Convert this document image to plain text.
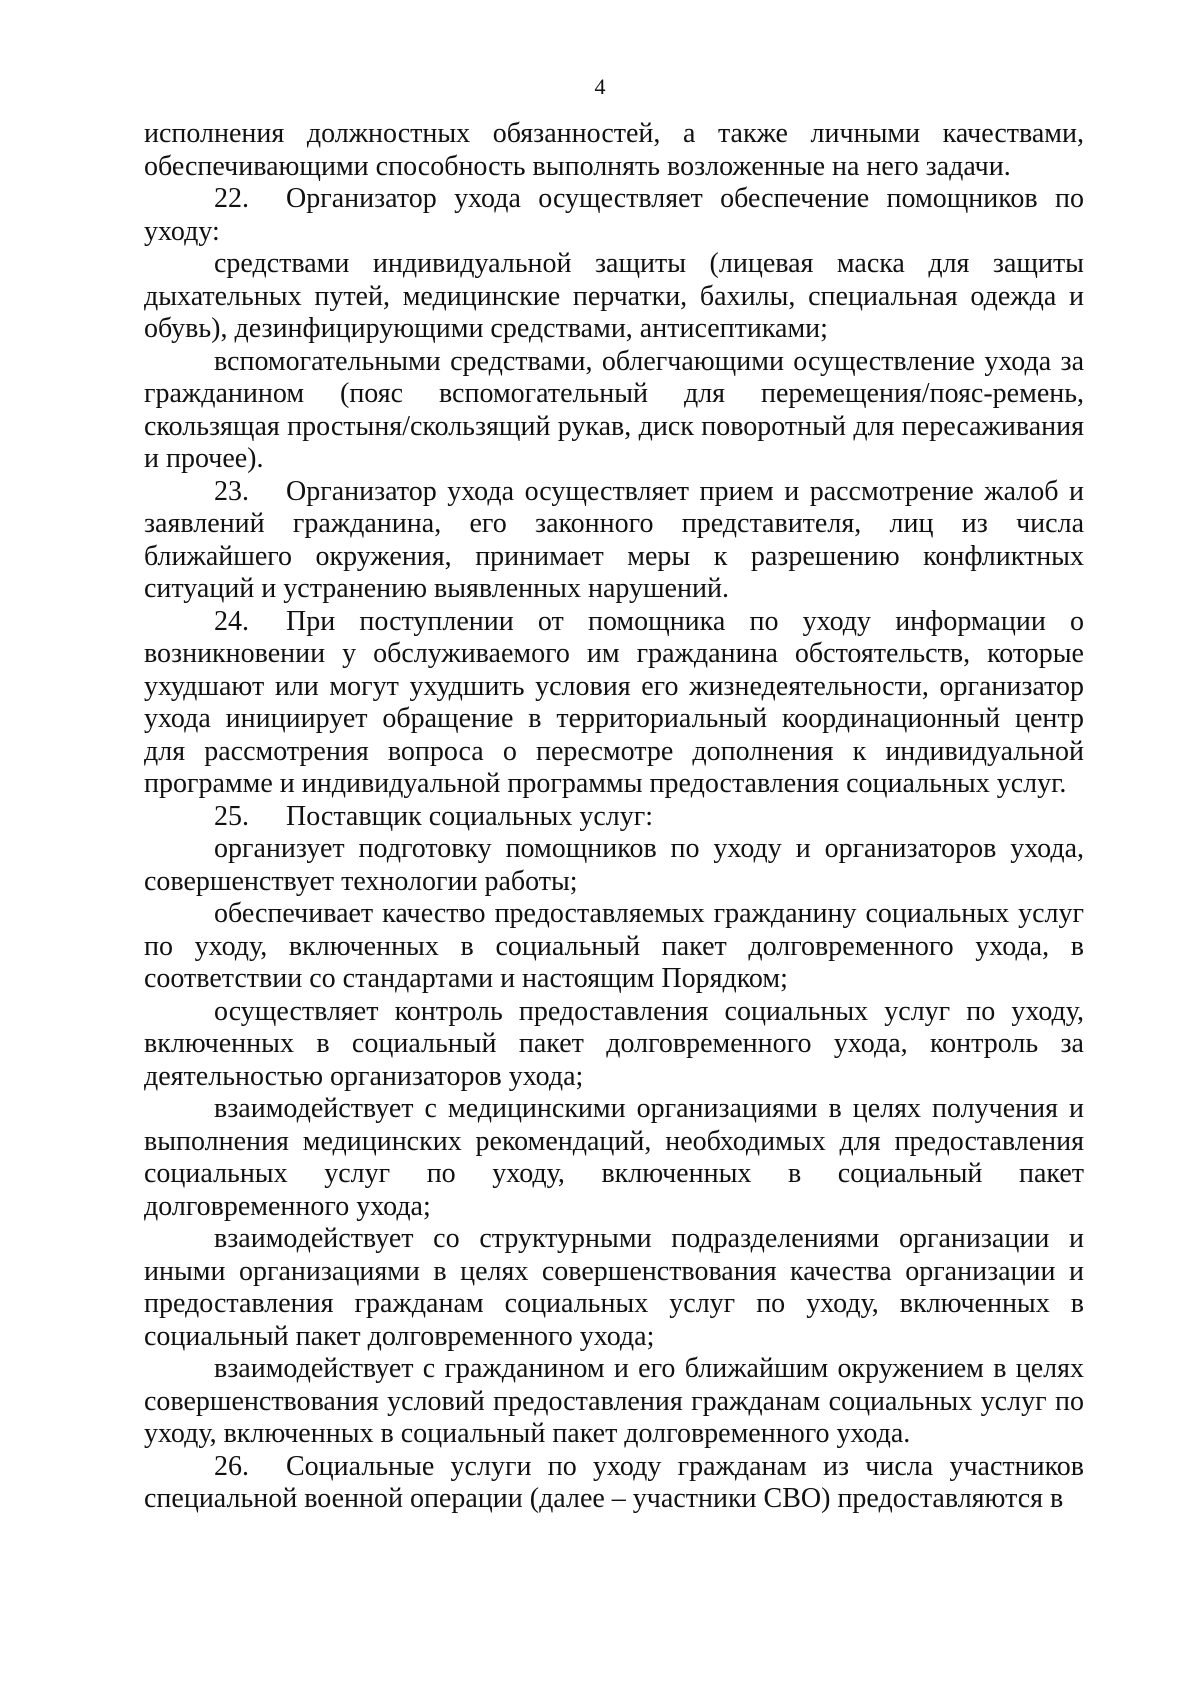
4

исполнения должностных обязанностей, а также личными качествами, обеспечивающими способность выполнять возложенные на него задачи.

22. Организатор ухода осуществляет обеспечение помощников по уходу:

средствами индивидуальной защиты (лицевая маска для защиты дыхательных путей, медицинские перчатки, бахилы, специальная одежда и обувь), дезинфицирующими средствами, антисептиками;

вспомогательными средствами, облегчающими осуществление ухода за гражданином (пояс вспомогательный для перемещения/пояс-ремень, скользящая простыня/скользящий рукав, диск поворотный для пересаживания и прочее).

23. Организатор ухода осуществляет прием и рассмотрение жалоб и заявлений гражданина, его законного представителя, лиц из числа ближайшего окружения, принимает меры к разрешению конфликтных ситуаций и устранению выявленных нарушений.

24. При поступлении от помощника по уходу информации о возникновении у обслуживаемого им гражданина обстоятельств, которые ухудшают или могут ухудшить условия его жизнедеятельности, организатор ухода инициирует обращение в территориальный координационный центр для рассмотрения вопроса о пересмотре дополнения к индивидуальной программе и индивидуальной программы предоставления социальных услуг.

25. Поставщик социальных услуг:

организует подготовку помощников по уходу и организаторов ухода, совершенствует технологии работы;

обеспечивает качество предоставляемых гражданину социальных услуг по уходу, включенных в социальный пакет долговременного ухода, в соответствии со стандартами и настоящим Порядком;

осуществляет контроль предоставления социальных услуг по уходу, включенных в социальный пакет долговременного ухода, контроль за деятельностью организаторов ухода;

взаимодействует с медицинскими организациями в целях получения и выполнения медицинских рекомендаций, необходимых для предоставления социальных услуг по уходу, включенных в социальный пакет долговременного ухода;

взаимодействует со структурными подразделениями организации и иными организациями в целях совершенствования качества организации и предоставления гражданам социальных услуг по уходу, включенных в социальный пакет долговременного ухода;

взаимодействует с гражданином и его ближайшим окружением в целях совершенствования условий предоставления гражданам социальных услуг по уходу, включенных в социальный пакет долговременного ухода.

26. Социальные услуги по уходу гражданам из числа участников специальной военной операции (далее – участники СВО) предоставляются в
